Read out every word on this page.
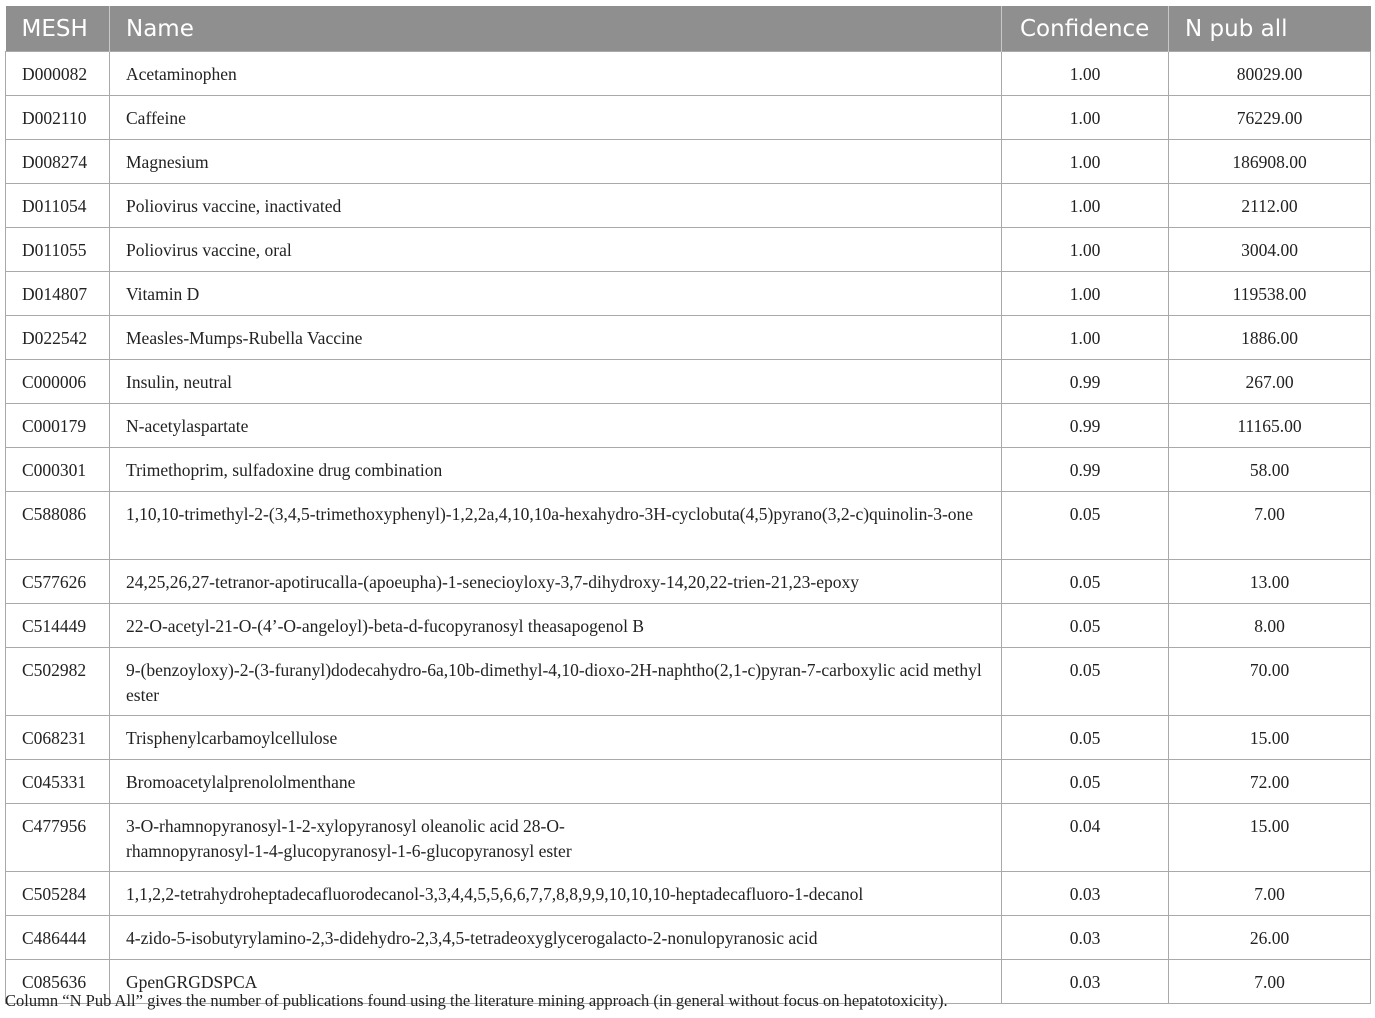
MESH	Name	Confidence	N pub all
D000082	Acetaminophen	1.00	80029.00
D002110	Caffeine	1.00	76229.00
D008274	Magnesium	1.00	186908.00
D011054	Poliovirus vaccine, inactivated	1.00	2112.00
D011055	Poliovirus vaccine, oral	1.00	3004.00
D014807	Vitamin D	1.00	119538.00
D022542	Measles-Mumps-Rubella Vaccine	1.00	1886.00
C000006	Insulin, neutral	0.99	267.00
C000179	N-acetylaspartate	0.99	11165.00
C000301	Trimethoprim, sulfadoxine drug combination	0.99	58.00
C588086	1,10,10-trimethyl-2-(3,4,5-trimethoxyphenyl)-1,2,2a,4,10,10a-hexahydro-3H-cyclobuta(4,5)pyrano(3,2-c)quinolin-3-one	0.05	7.00
C577626	24,25,26,27-tetranor-apotirucalla-(apoeupha)-1-senecioyloxy-3,7-dihydroxy-14,20,22-trien-21,23-epoxy	0.05	13.00
C514449	22-O-acetyl-21-O-(4’-O-angeloyl)-beta-d-fucopyranosyl theasapogenol B	0.05	8.00
C502982	9-(benzoyloxy)-2-(3-furanyl)dodecahydro-6a,10b-dimethyl-4,10-dioxo-2H-naphtho(2,1-c)pyran-7-carboxylic acid methyl ester	0.05	70.00
C068231	Trisphenylcarbamoylcellulose	0.05	15.00
C045331	Bromoacetylalprenololmenthane	0.05	72.00
C477956	3-O-rhamnopyranosyl-1-2-xylopyranosyl oleanolic acid 28-O-rhamnopyranosyl-1-4-glucopyranosyl-1-6-glucopyranosyl ester	0.04	15.00
C505284	1,1,2,2-tetrahydroheptadecafluorodecanol-3,3,4,4,5,5,6,6,7,7,8,8,9,9,10,10,10-heptadecafluoro-1-decanol	0.03	7.00
C486444	4-zido-5-isobutyrylamino-2,3-didehydro-2,3,4,5-tetradeoxyglycerogalacto-2-nonulopyranosic acid	0.03	26.00
C085636	GpenGRGDSPCA	0.03	7.00
Column “N Pub All” gives the number of publications found using the literature mining approach (in general without focus on hepatotoxicity).
